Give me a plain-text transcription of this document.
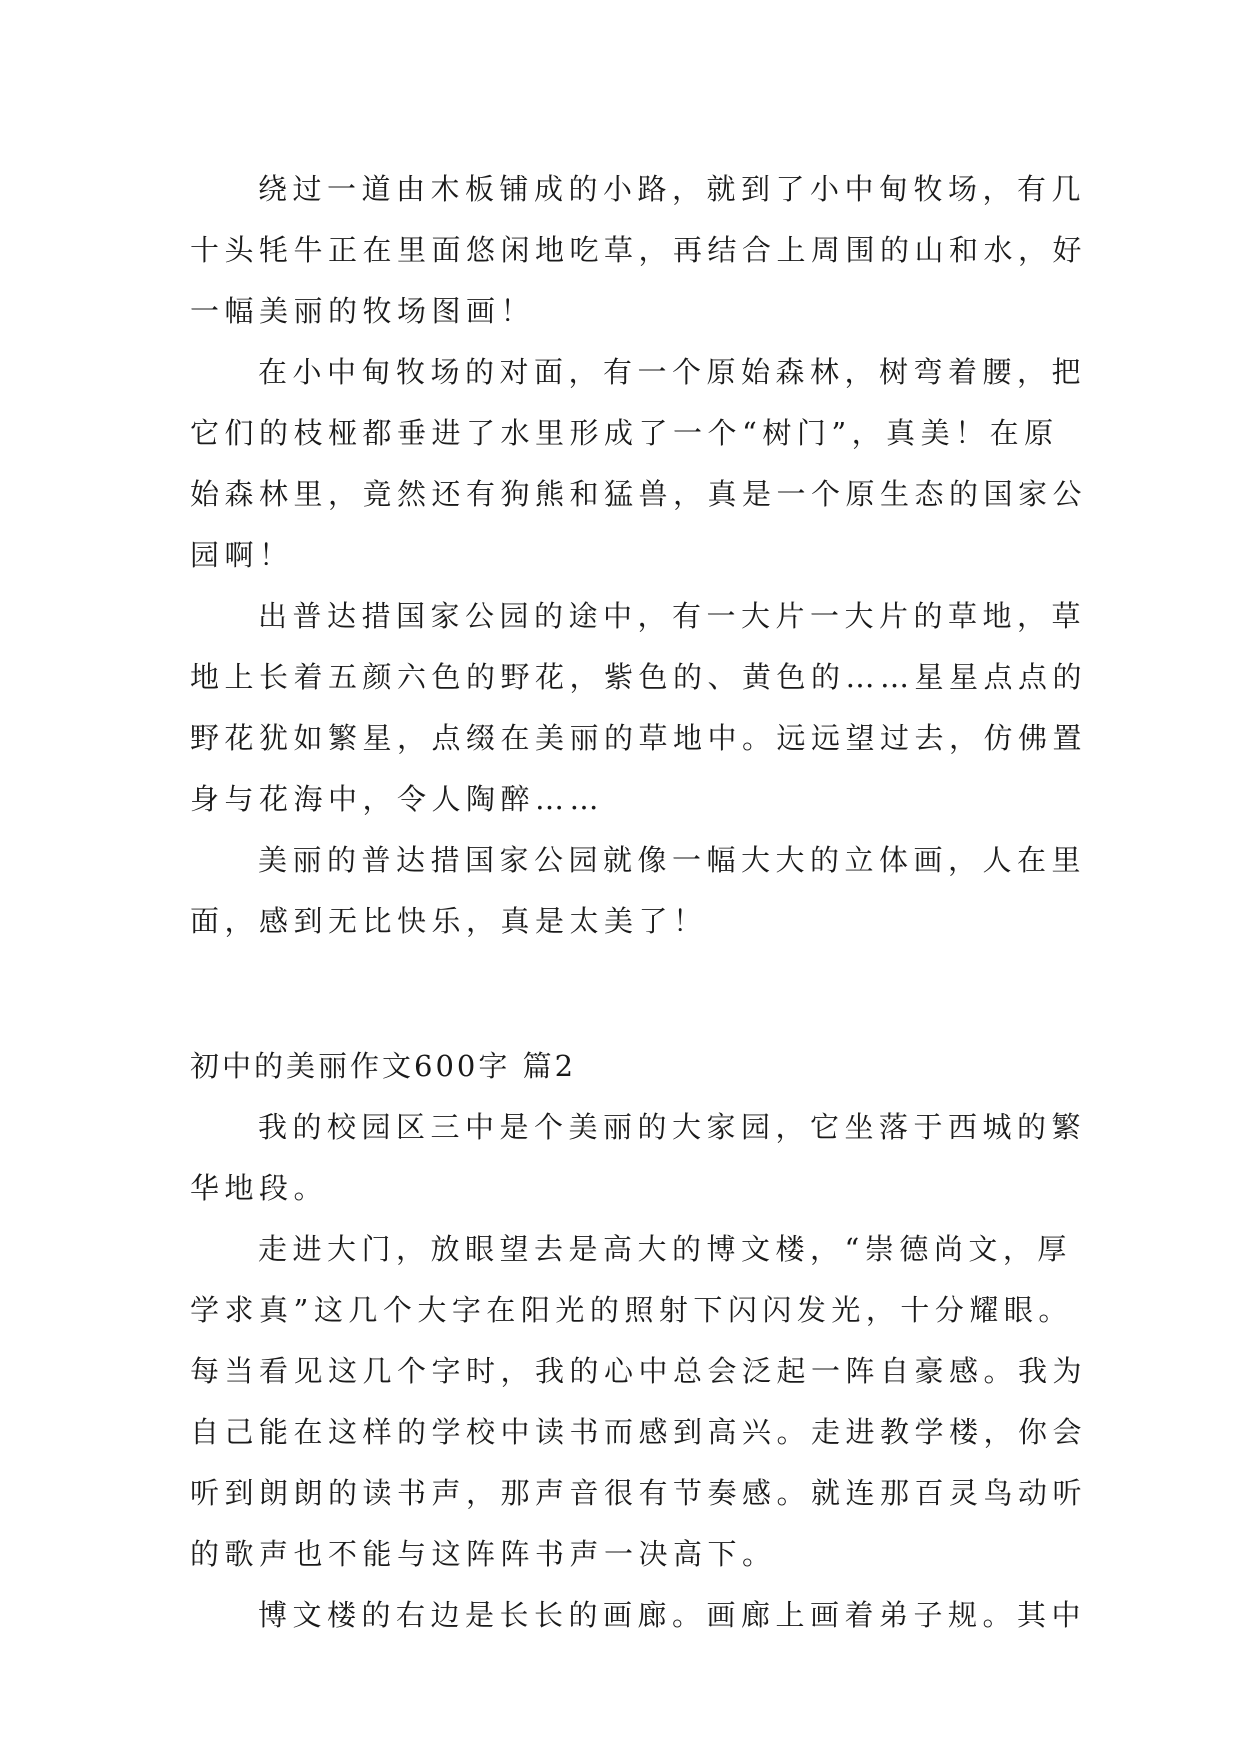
绕过一道由木板铺成的小路，就到了小中甸牧场，有几
十头牦牛正在里面悠闲地吃草，再结合上周围的山和水，好
一幅美丽的牧场图画！
在小中甸牧场的对面，有一个原始森林，树弯着腰，把
它们的枝桠都垂进了水里形成了一个“树门”，真美！在原
始森林里，竟然还有狗熊和猛兽，真是一个原生态的国家公
园啊！
出普达措国家公园的途中，有一大片一大片的草地，草
地上长着五颜六色的野花，紫色的、黄色的……星星点点的
野花犹如繁星，点缀在美丽的草地中。远远望过去，仿佛置
身与花海中，令人陶醉……
美丽的普达措国家公园就像一幅大大的立体画，人在里
面，感到无比快乐，真是太美了！
初中的美丽作文600字 篇2
我的校园区三中是个美丽的大家园，它坐落于西城的繁
华地段。
走进大门，放眼望去是高大的博文楼，“崇德尚文，厚
学求真”这几个大字在阳光的照射下闪闪发光，十分耀眼。
每当看见这几个字时，我的心中总会泛起一阵自豪感。我为
自己能在这样的学校中读书而感到高兴。走进教学楼，你会
听到朗朗的读书声，那声音很有节奏感。就连那百灵鸟动听
的歌声也不能与这阵阵书声一决高下。
博文楼的右边是长长的画廊。画廊上画着弟子规。其中
